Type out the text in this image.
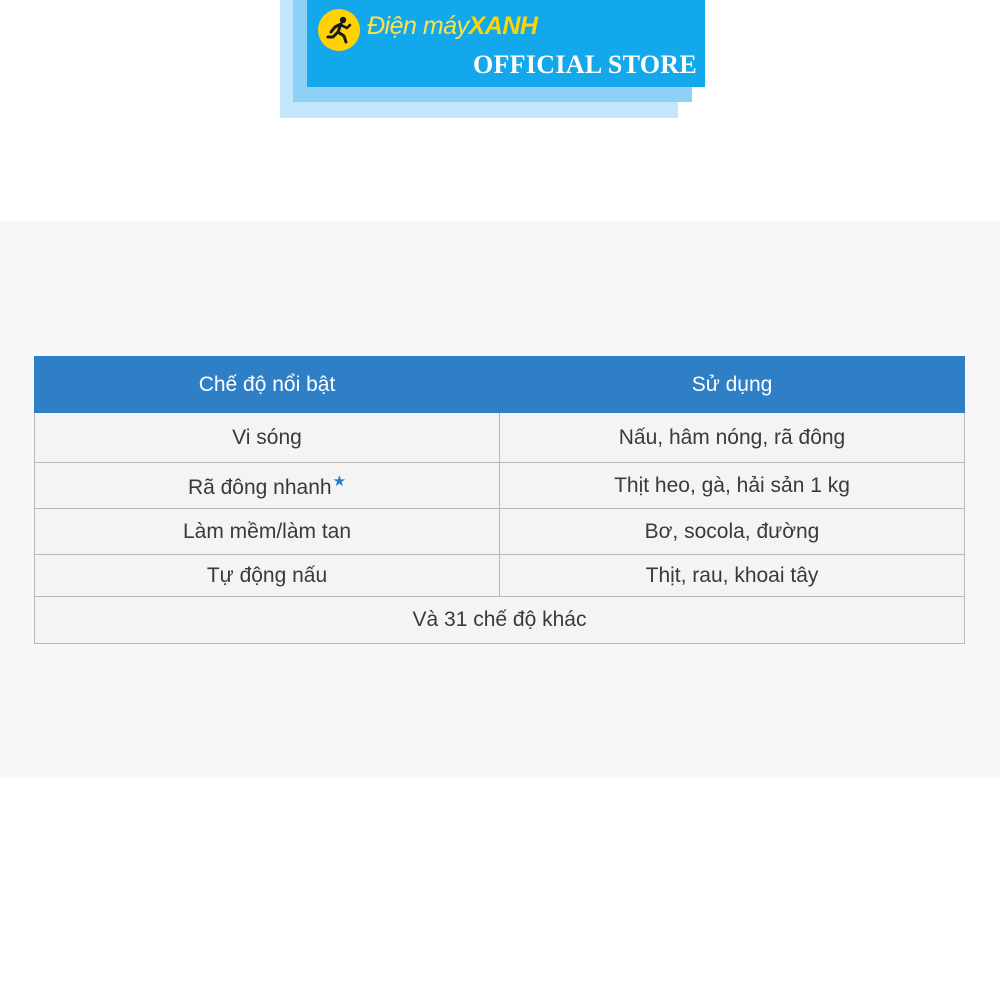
Điện máyXANH
OFFICIAL STORE
Chế độ nổi bật	Sử dụng
Vi sóng	Nấu, hâm nóng, rã đông
Rã đông nhanh★	Thịt heo, gà, hải sản 1 kg
Làm mềm/làm tan	Bơ, socola, đường
Tự động nấu	Thịt, rau, khoai tây
Và 31 chế độ khác	
